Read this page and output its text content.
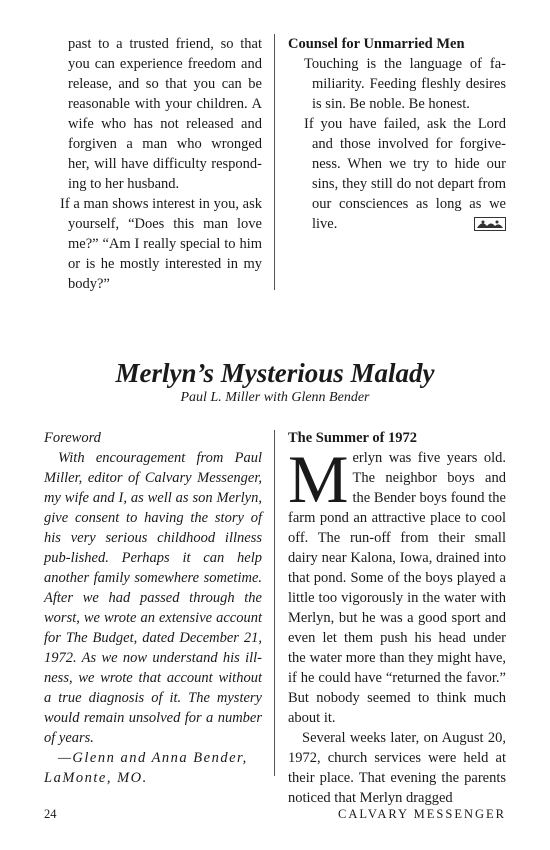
past to a trusted friend, so that you can experience freedom and release, and so that you can be reasonable with your children. A wife who has not released and forgiven a man who wronged her, will have difficulty respond-ing to her husband.

If a man shows interest in you, ask yourself, “Does this man love me?” “Am I really special to him or is he mostly interested in my body?”

Counsel for Unmarried Men

Touching is the language of fa-miliarity. Feeding fleshly desires is sin. Be noble. Be honest.

If you have failed, ask the Lord and those involved for forgive-ness. When we try to hide our sins, they still do not depart from our consciences as long as we live.

Merlyn’s Mysterious Malady
Paul L. Miller with Glenn Bender

Foreword

With encouragement from Paul Miller, editor of Calvary Messenger, my wife and I, as well as son Merlyn, give consent to having the story of his very serious childhood illness pub-lished. Perhaps it can help another family somewhere sometime. After we had passed through the worst, we wrote an extensive account for The Budget, dated December 21, 1972. As we now understand his ill-ness, we wrote that account without a true diagnosis of it. The mystery would remain unsolved for a number of years.

—Glenn and Anna Bender, LaMonte, MO.

The Summer of 1972

Merlyn was five years old. The neighbor boys and the Bender boys found the farm pond an attractive place to cool off. The run-off from their small dairy near Kalona, Iowa, drained into that pond. Some of the boys played a little too vigorously in the water with Merlyn, but he was a good sport and even let them push his head under the water more than they might have, if he could have “returned the favor.” But nobody seemed to think much about it.

Several weeks later, on August 20, 1972, church services were held at their place. That evening the parents noticed that Merlyn dragged

24	CALVARY MESSENGER
